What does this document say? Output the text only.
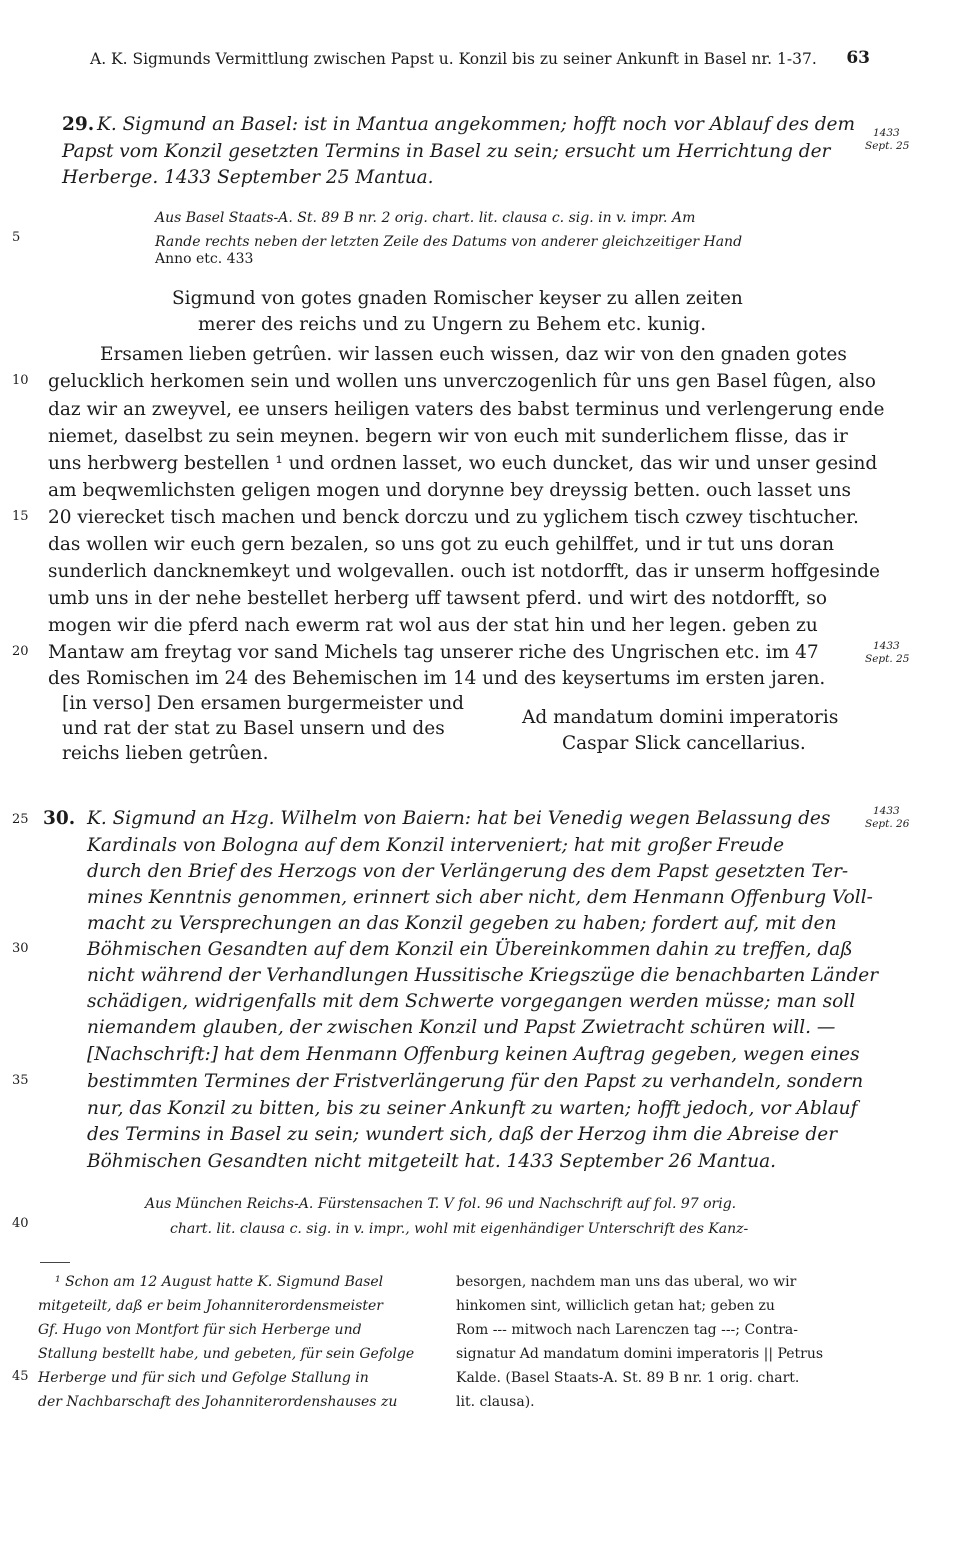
A. K. Sigmunds Vermittlung zwischen Papst u. Konzil bis zu seiner Ankunft in Basel nr. 1-37. 63
29. K. Sigmund an Basel: ist in Mantua angekommen; hofft noch vor Ablauf des dem
Papst vom Konzil gesetzten Termins in Basel zu sein; ersucht um Herrichtung der
Herberge. 1433 September 25 Mantua.
1433
Sept. 25
Aus Basel Staats-A. St. 89 B nr. 2 orig. chart. lit. clausa c. sig. in v. impr. Am
Rande rechts neben der letzten Zeile des Datums von anderer gleichzeitiger Hand
Anno etc. 433
Sigmund von gotes gnaden Romischer keyser zu allen zeiten
merer des reichs und zu Ungern zu Behem etc. kunig.
Ersamen lieben getrûen. wir lassen euch wissen, daz wir von den gnaden gotes
gelucklich herkomen sein und wollen uns unverczogenlich fûr uns gen Basel fûgen, also
daz wir an zweyvel, ee unsers heiligen vaters des babst terminus und verlengerung ende
niemet, daselbst zu sein meynen. begern wir von euch mit sunderlichem flisse, das ir
uns herbwerg bestellen ¹ und ordnen lasset, wo euch duncket, das wir und unser gesind
am beqwemlichsten geligen mogen und dorynne bey dreyssig betten. ouch lasset uns
20 vierecket tisch machen und benck dorczu und zu yglichem tisch czwey tischtucher.
das wollen wir euch gern bezalen, so uns got zu euch gehilffet, und ir tut uns doran
sunderlich dancknemkeyt und wolgevallen. ouch ist notdorfft, das ir unserm hoffgesinde
umb uns in der nehe bestellet herberg uff tawsent pferd. und wirt des notdorfft, so
mogen wir die pferd nach ewerm rat wol aus der stat hin und her legen. geben zu
Mantaw am freytag vor sand Michels tag unserer riche des Ungrischen etc. im 47
des Romischen im 24 des Behemischen im 14 und des keysertums im ersten jaren.
1433
Sept. 25
[in verso] Den ersamen burgermeister und
und rat der stat zu Basel unsern und des
reichs lieben getrûen.
Ad mandatum domini imperatoris
Caspar Slick cancellarius.
30. K. Sigmund an Hzg. Wilhelm von Baiern: hat bei Venedig wegen Belassung des
Kardinals von Bologna auf dem Konzil interveniert; hat mit großer Freude
durch den Brief des Herzogs von der Verlängerung des dem Papst gesetzten Ter-
mines Kenntnis genommen, erinnert sich aber nicht, dem Henmann Offenburg Voll-
macht zu Versprechungen an das Konzil gegeben zu haben; fordert auf, mit den
Böhmischen Gesandten auf dem Konzil ein Übereinkommen dahin zu treffen, daß
nicht während der Verhandlungen Hussitische Kriegszüge die benachbarten Länder
schädigen, widrigenfalls mit dem Schwerte vorgegangen werden müsse; man soll
niemandem glauben, der zwischen Konzil und Papst Zwietracht schüren will. —
[Nachschrift:] hat dem Henmann Offenburg keinen Auftrag gegeben, wegen eines
bestimmten Termines der Fristverlängerung für den Papst zu verhandeln, sondern
nur, das Konzil zu bitten, bis zu seiner Ankunft zu warten; hofft jedoch, vor Ablauf
des Termins in Basel zu sein; wundert sich, daß der Herzog ihm die Abreise der
Böhmischen Gesandten nicht mitgeteilt hat. 1433 September 26 Mantua.
1433
Sept. 26
Aus München Reichs-A. Fürstensachen T. V fol. 96 und Nachschrift auf fol. 97 orig.
chart. lit. clausa c. sig. in v. impr., wohl mit eigenhändiger Unterschrift des Kanz-
¹ Schon am 12 August hatte K. Sigmund Basel
mitgeteilt, daß er beim Johanniterordensmeister
Gf. Hugo von Montfort für sich Herberge und
Stallung bestellt habe, und gebeten, für sein Gefolge
Herberge und für sich und Gefolge Stallung in
der Nachbarschaft des Johanniterordenshauses zu
besorgen, nachdem man uns das uberal, wo wir
hinkomen sint, williclich getan hat; geben zu
Rom --- mitwoch nach Larenczen tag ---; Contra-
signatur Ad mandatum domini imperatoris || Petrus
Kalde. (Basel Staats-A. St. 89 B nr. 1 orig. chart.
lit. clausa).
5
10
15
20
25
30
35
40
45
